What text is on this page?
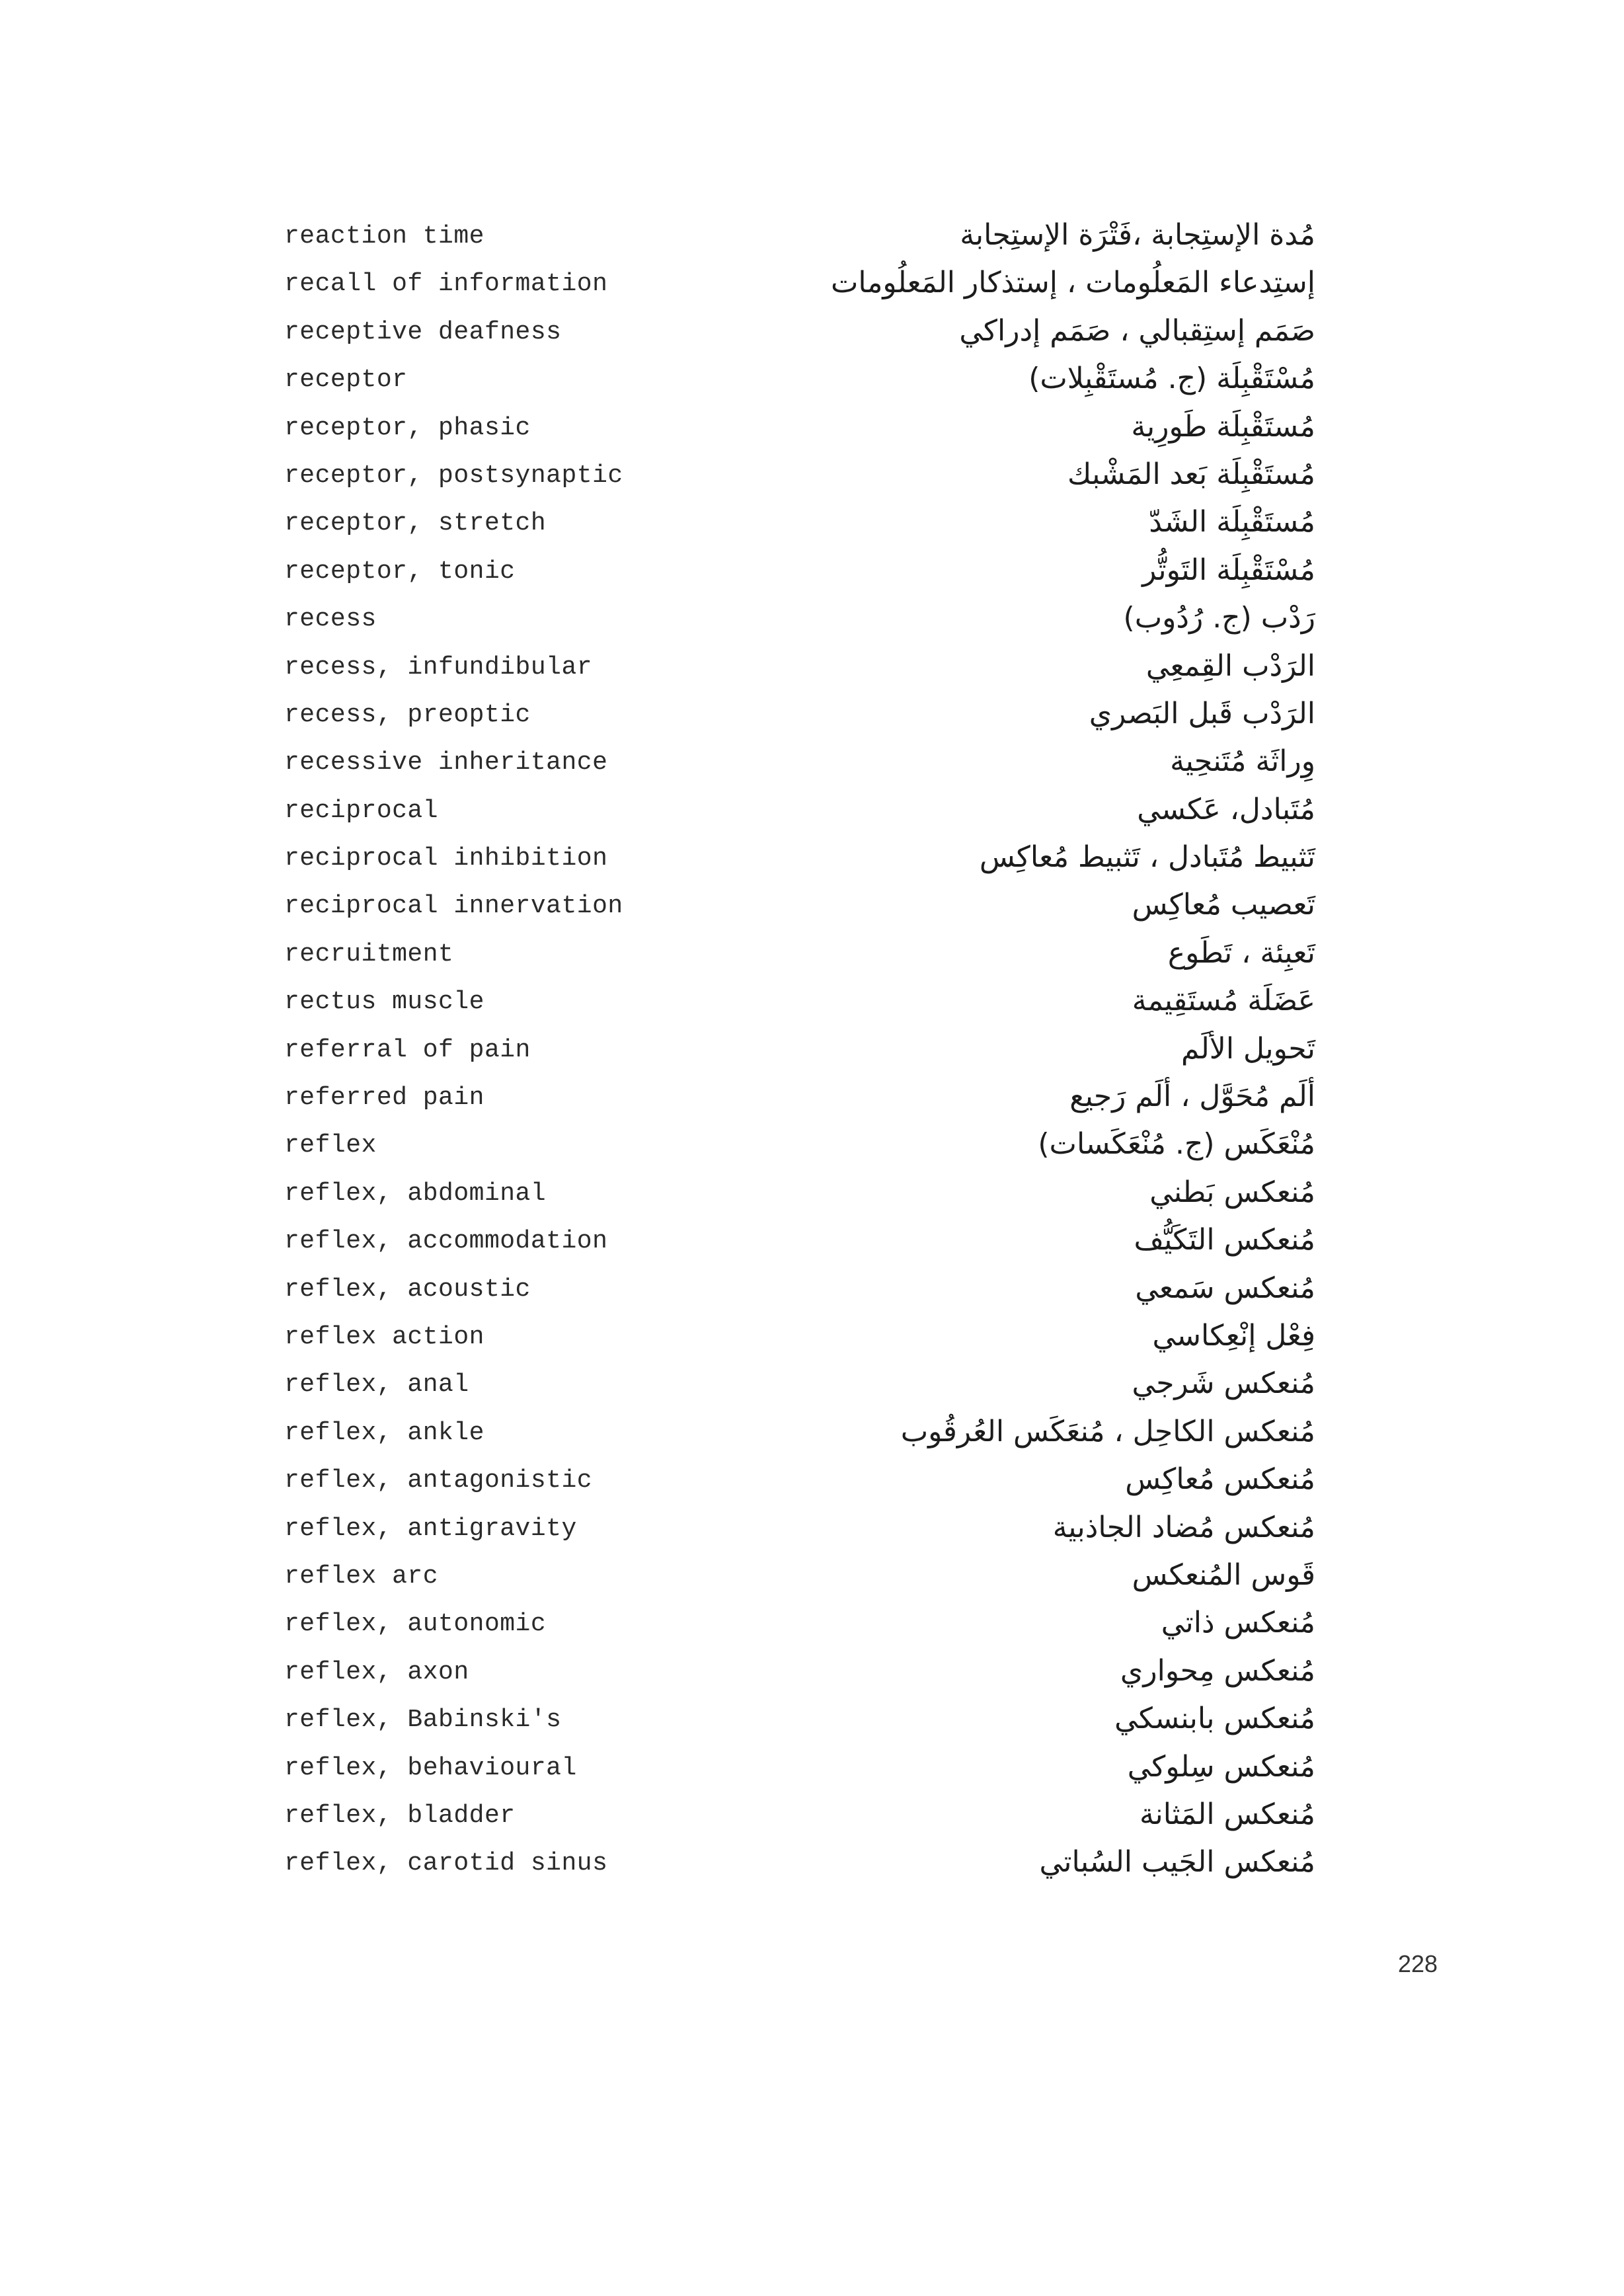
reaction time	مُدة الإستِجابة ،فَتْرَة الإستِجابة
recall of information	إستِدعاء المَعلُومات ، إستذكار المَعلُومات
receptive deafness	صَمَم إستِقبالي ، صَمَم إدراكي
receptor	مُسْتَقْبِلَة (ج. مُستَقْبِلات)
receptor, phasic	مُستَقْبِلَة طَورِية
receptor, postsynaptic	مُستَقْبِلَة بَعد المَشْبك
receptor, stretch	مُستَقْبِلَة الشَدّ
receptor, tonic	مُسْتَقْبِلَة التَوتُّر
recess	رَدْب (ج. رُدُوب)
recess, infundibular	الرَدْب القِمعِي
recess, preoptic	الرَدْب قَبل البَصري
recessive inheritance	وِراثَة مُتَنحِية
reciprocal	مُتَبادل، عَكسي
reciprocal inhibition	تَثبيط مُتَبادل ، تَثبيط مُعاكِس
reciprocal innervation	تَعصيب مُعاكِس
recruitment	تَعبِئة ، تَطَوع
rectus muscle	عَضَلَة مُستَقِيمة
referral of pain	تَحويل الألَم
referred pain	ألَم مُحَوَّل ، ألَم رَجيع
reflex	مُنْعَكَس (ج. مُنْعَكَسات)
reflex, abdominal	مُنعكس بَطني
reflex, accommodation	مُنعكس التَكَيُّف
reflex, acoustic	مُنعكس سَمعي
reflex action	فِعْل إنْعِكاسي
reflex, anal	مُنعكس شَرجي
reflex, ankle	مُنعكس الكاحِل ، مُنعَكَس العُرقُوب
reflex, antagonistic	مُنعكس مُعاكِس
reflex, antigravity	مُنعكس مُضاد الجاذبية
reflex arc	قَوس المُنعكس
reflex, autonomic	مُنعكس ذاتي
reflex, axon	مُنعكس مِحواري
reflex, Babinski's	مُنعكس بابنسكي
reflex, behavioural	مُنعكس سِلوكي
reflex, bladder	مُنعكس المَثانة
reflex, carotid sinus	مُنعكس الجَيب السُباتي
228
